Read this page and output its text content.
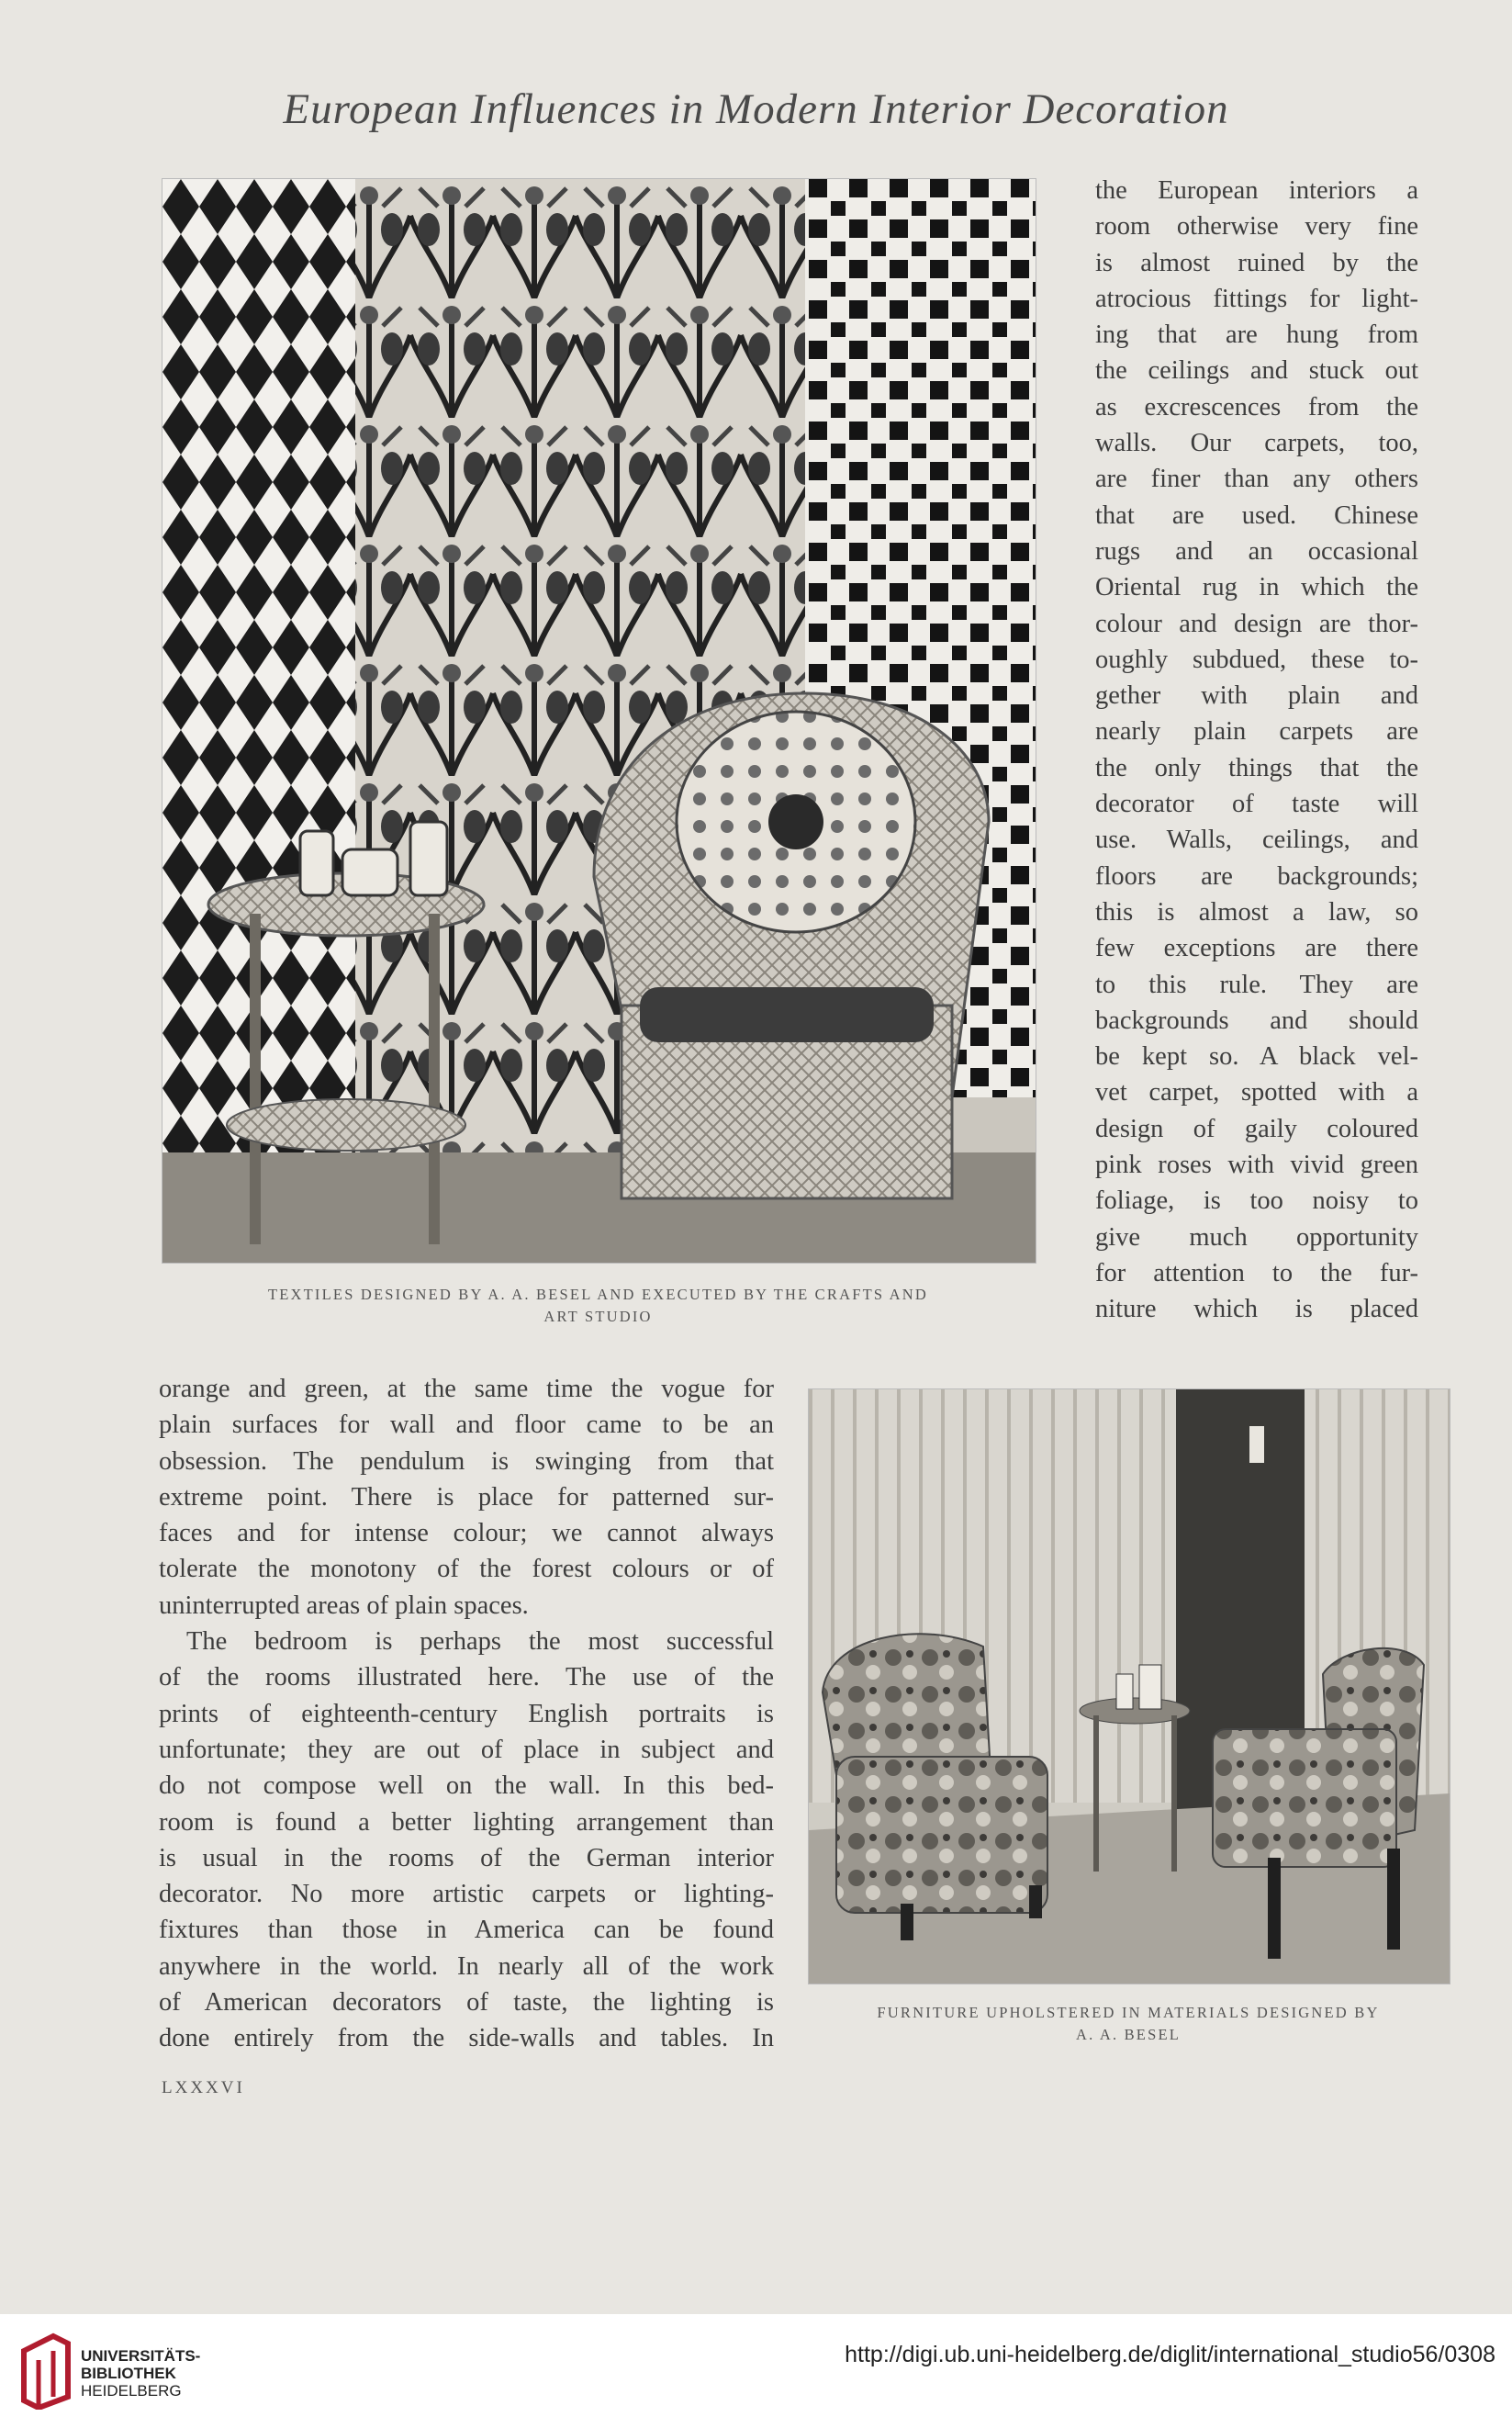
European Influences in Modern Interior Decoration
the European interiors a
room otherwise very fine
is almost ruined by the
atrocious fittings for light-
ing that are hung from
the ceilings and stuck out
as excrescences from the
walls. Our carpets, too,
are finer than any others
that are used. Chinese
rugs and an occasional
Oriental rug in which the
colour and design are thor-
oughly subdued, these to-
gether with plain and
nearly plain carpets are
the only things that the
decorator of taste will
use. Walls, ceilings, and
floors are backgrounds;
this is almost a law, so
few exceptions are there
to this rule. They are
backgrounds and should
be kept so. A black vel-
vet carpet, spotted with a
design of gaily coloured
pink roses with vivid green
foliage, is too noisy to
give much opportunity
for attention to the fur-
niture which is placed
TEXTILES DESIGNED BY A. A. BESEL AND EXECUTED BY THE CRAFTS AND
ART STUDIO
orange and green, at the same time the vogue for
plain surfaces for wall and floor came to be an
obsession. The pendulum is swinging from that
extreme point. There is place for patterned sur-
faces and for intense colour; we cannot always
tolerate the monotony of the forest colours or of
uninterrupted areas of plain spaces.
The bedroom is perhaps the most successful
of the rooms illustrated here. The use of the
prints of eighteenth-century English portraits is
unfortunate; they are out of place in subject and
do not compose well on the wall. In this bed-
room is found a better lighting arrangement than
is usual in the rooms of the German interior
decorator. No more artistic carpets or lighting-
fixtures than those in America can be found
anywhere in the world. In nearly all of the work
of American decorators of taste, the lighting is
done entirely from the side-walls and tables. In
FURNITURE UPHOLSTERED IN MATERIALS DESIGNED BY
A. A. BESEL
LXXXVI
UNIVERSITÄTS-
BIBLIOTHEK
HEIDELBERG
http://digi.ub.uni-heidelberg.de/diglit/international_studio56/0308
